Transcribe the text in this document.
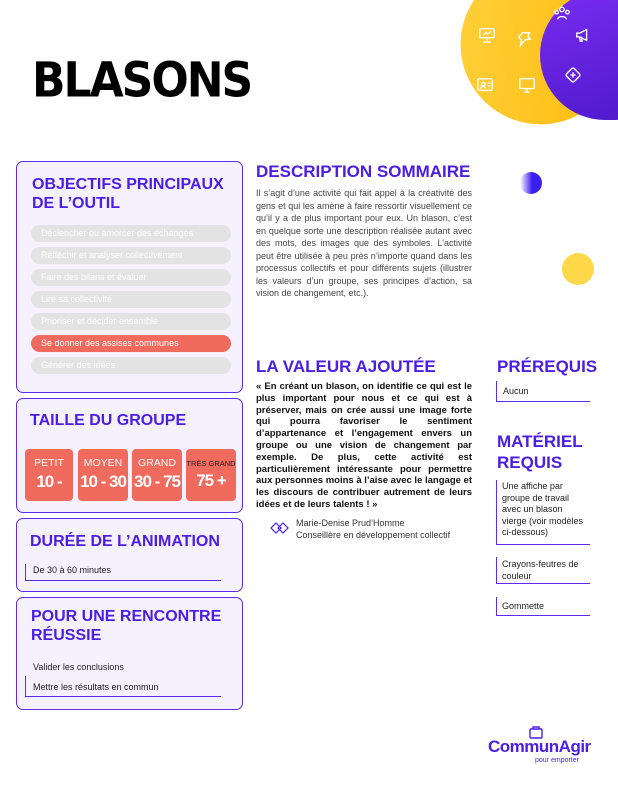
BLASONS
OBJECTIFS PRINCIPAUX
DE L’OUTIL
Déclencher ou amorcer des échanges
Réfléchir et analyser collectivement
Faire des bilans et évaluer
Lire sa collectivité
Prioriser et décider ensemble
Se donner des assises communes
Générer des idées
TAILLE DU GROUPE
PETIT
10 -
MOYEN
10 - 30
GRAND
30 - 75
TRÈS GRAND
75 +
DURÉE DE L’ANIMATION
De 30 à 60 minutes
POUR UNE RENCONTRE
RÉUSSIE
Valider les conclusions
Mettre les résultats en commun
DESCRIPTION SOMMAIRE
Il s’agit d’une activité qui fait appel à la créativité des gens et qui les amène à faire ressortir visuellement ce qu’il y a de plus important pour eux. Un blason, c’est en quelque sorte une description réalisée autant avec des mots, des images que des symboles. L’activité peut être utilisée à peu près n’importe quand dans les processus collectifs et pour différents sujets (illustrer les valeurs d’un groupe, ses principes d’action, sa vision de changement, etc.).
LA VALEUR AJOUTÉE
« En créant un blason, on identifie ce qui est le plus important pour nous et ce qui est à préserver, mais on crée aussi une image forte qui pourra favoriser le sentiment d’appartenance et l’engagement envers un groupe ou une vision de changement par exemple. De plus, cette activité est particulièrement intéressante pour permettre aux personnes moins à l’aise avec le langage et les discours de contribuer autrement de leurs idées et de leurs talents ! »
Marie-Denise Prud’Homme
Conseillère en développement collectif
PRÉREQUIS
Aucun
MATÉRIEL
REQUIS
Une affiche par groupe de travail avec un blason vierge (voir modèles ci-dessous)
Crayons-feutres de couleur
Gommette
CommunAgir
pour emporter
